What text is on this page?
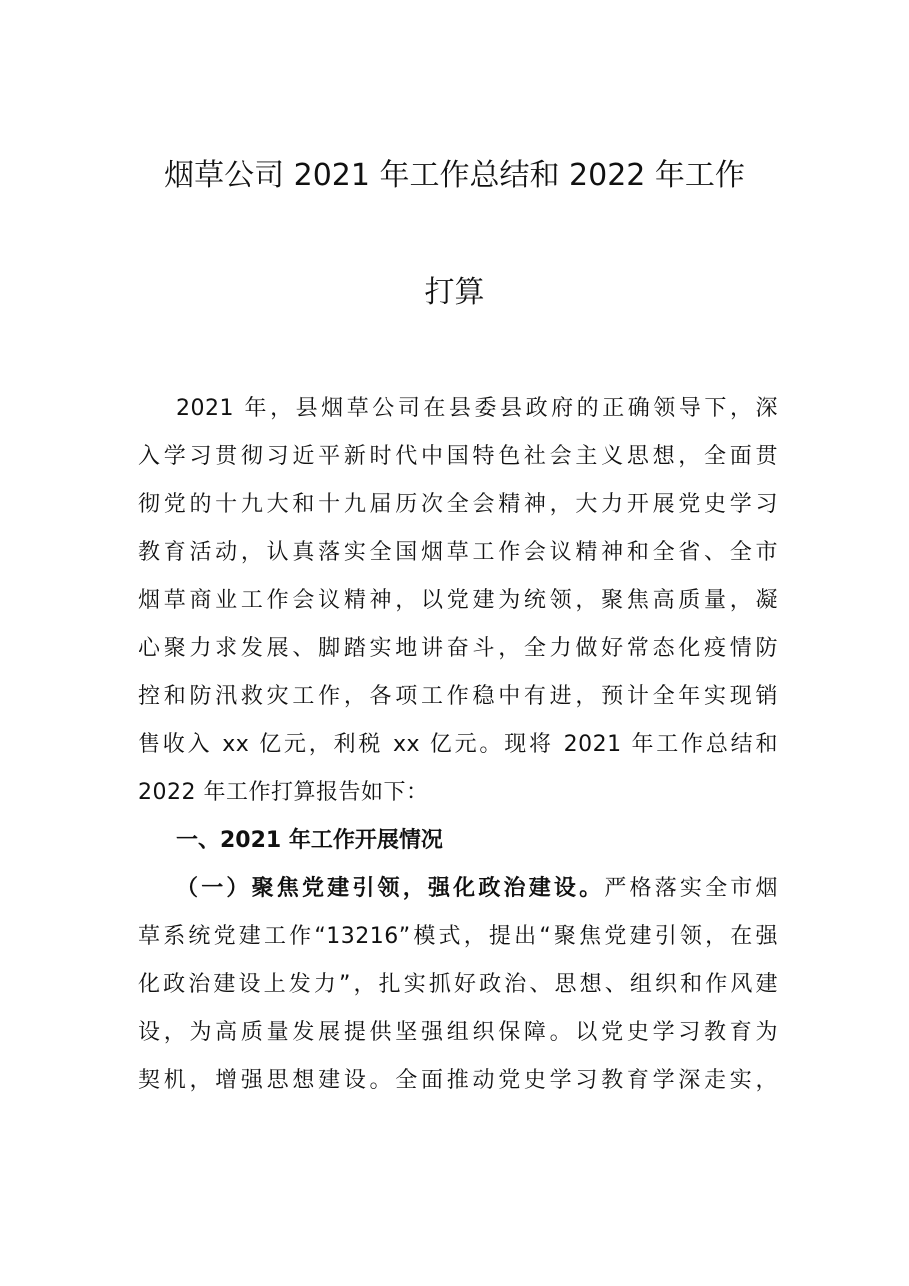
烟草公司 2021 年工作总结和 2022 年工作
打算
2021 年，县烟草公司在县委县政府的正确领导下，深
入学习贯彻习近平新时代中国特色社会主义思想，全面贯
彻党的十九大和十九届历次全会精神，大力开展党史学习
教育活动，认真落实全国烟草工作会议精神和全省、全市
烟草商业工作会议精神，以党建为统领，聚焦高质量，凝
心聚力求发展、脚踏实地讲奋斗，全力做好常态化疫情防
控和防汛救灾工作，各项工作稳中有进，预计全年实现销
售收入 xx 亿元，利税 xx 亿元。现将 2021 年工作总结和
2022 年工作打算报告如下：
一、2021 年工作开展情况
（一）聚焦党建引领，强化政治建设。严格落实全市烟
草系统党建工作“13216”模式，提出“聚焦党建引领，在强
化政治建设上发力”，扎实抓好政治、思想、组织和作风建
设，为高质量发展提供坚强组织保障。以党史学习教育为
契机，增强思想建设。全面推动党史学习教育学深走实，
